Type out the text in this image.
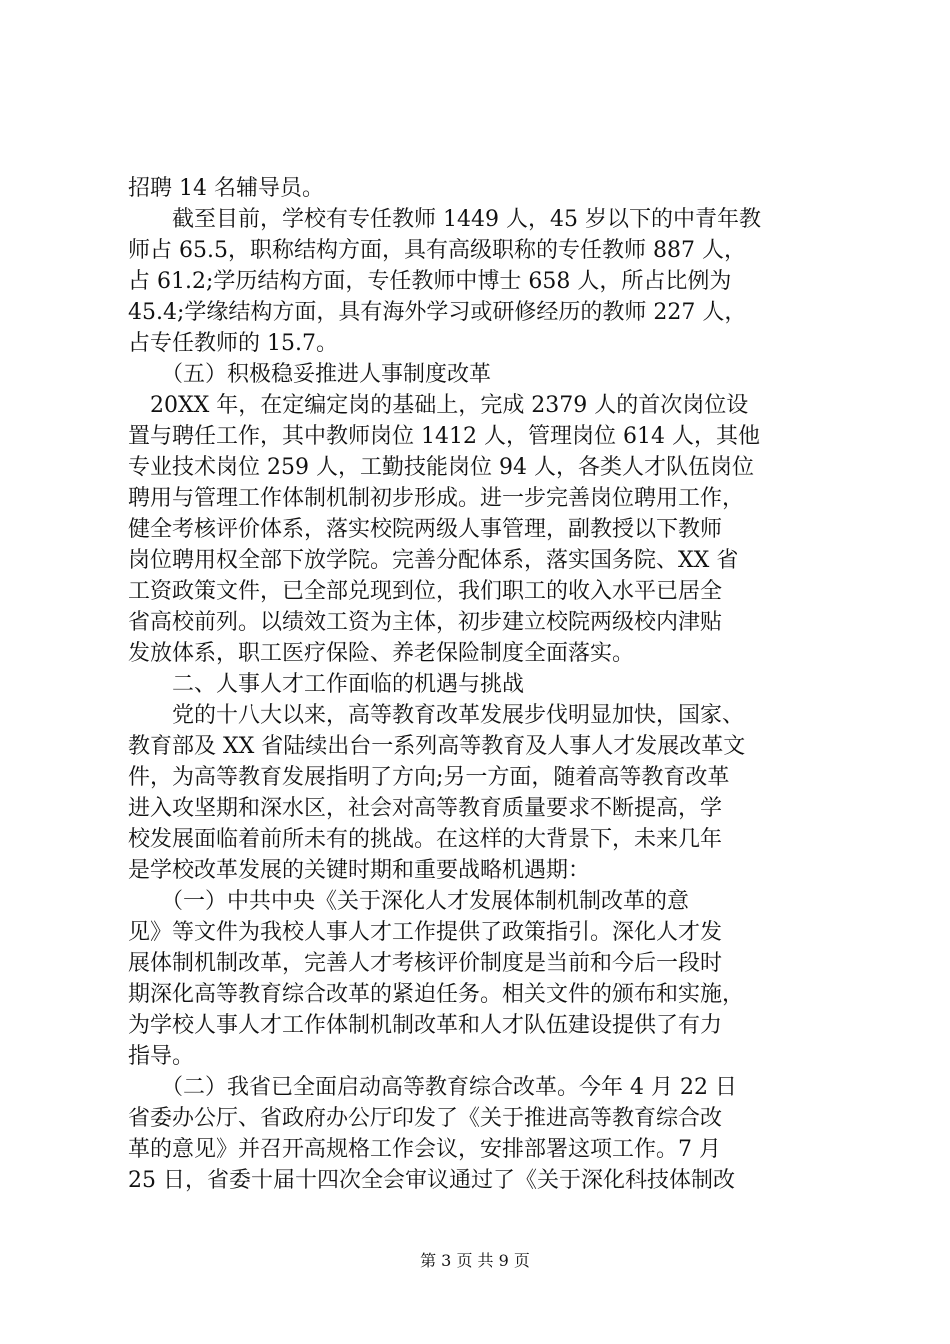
招聘 14 名辅导员。
　　截至目前，学校有专任教师 1449 人，45 岁以下的中青年教
师占 65.5，职称结构方面，具有高级职称的专任教师 887 人，
占 61.2;学历结构方面，专任教师中博士 658 人，所占比例为
45.4;学缘结构方面，具有海外学习或研修经历的教师 227 人，
占专任教师的 15.7。
　　（五）积极稳妥推进人事制度改革
　20XX 年，在定编定岗的基础上，完成 2379 人的首次岗位设
置与聘任工作，其中教师岗位 1412 人，管理岗位 614 人，其他
专业技术岗位 259 人，工勤技能岗位 94 人，各类人才队伍岗位
聘用与管理工作体制机制初步形成。进一步完善岗位聘用工作，
健全考核评价体系，落实校院两级人事管理，副教授以下教师
岗位聘用权全部下放学院。完善分配体系，落实国务院、XX 省
工资政策文件，已全部兑现到位，我们职工的收入水平已居全
省高校前列。以绩效工资为主体，初步建立校院两级校内津贴
发放体系，职工医疗保险、养老保险制度全面落实。
　　二、人事人才工作面临的机遇与挑战
　　党的十八大以来，高等教育改革发展步伐明显加快，国家、
教育部及 XX 省陆续出台一系列高等教育及人事人才发展改革文
件，为高等教育发展指明了方向;另一方面，随着高等教育改革
进入攻坚期和深水区，社会对高等教育质量要求不断提高，学
校发展面临着前所未有的挑战。在这样的大背景下，未来几年
是学校改革发展的关键时期和重要战略机遇期：
　　（一）中共中央《关于深化人才发展体制机制改革的意
见》等文件为我校人事人才工作提供了政策指引。深化人才发
展体制机制改革，完善人才考核评价制度是当前和今后一段时
期深化高等教育综合改革的紧迫任务。相关文件的颁布和实施，
为学校人事人才工作体制机制改革和人才队伍建设提供了有力
指导。
　　（二）我省已全面启动高等教育综合改革。今年 4 月 22 日
省委办公厅、省政府办公厅印发了《关于推进高等教育综合改
革的意见》并召开高规格工作会议，安排部署这项工作。7 月
25 日，省委十届十四次全会审议通过了《关于深化科技体制改
第 3 页 共 9 页
